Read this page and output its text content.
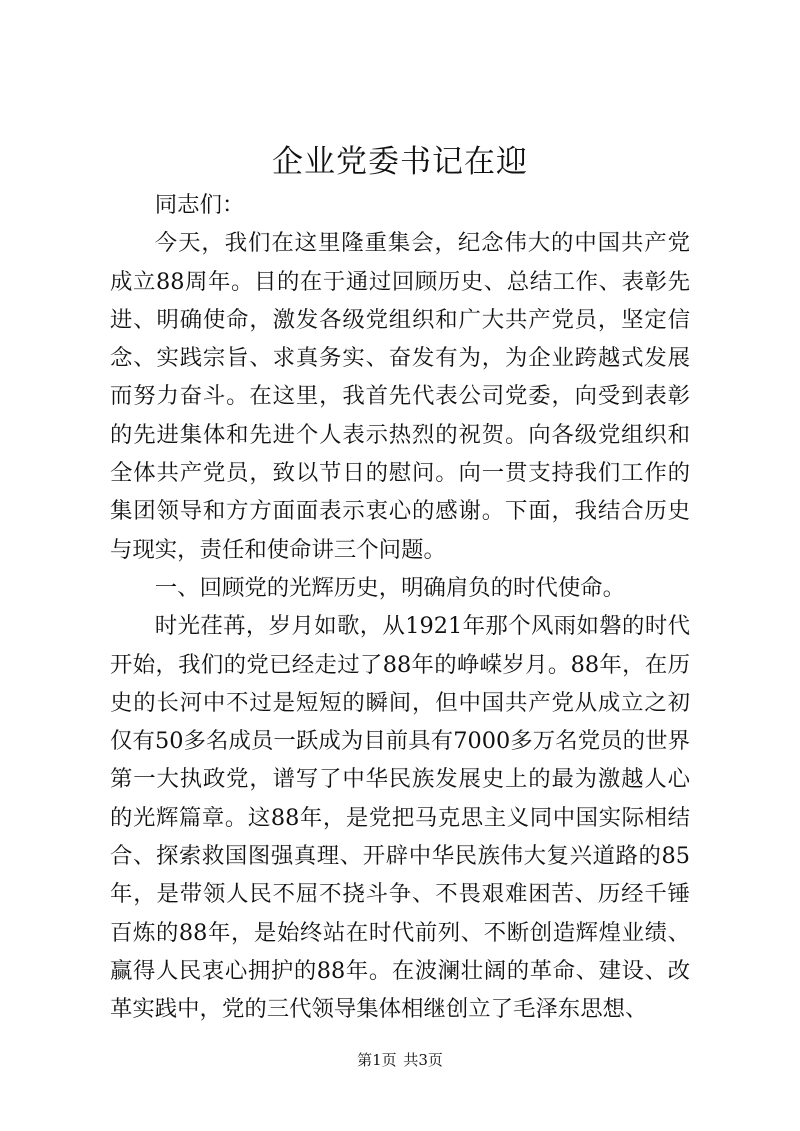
企业党委书记在迎

同志们：

今天，我们在这里隆重集会，纪念伟大的中国共产党成立88周年。目的在于通过回顾历史、总结工作、表彰先进、明确使命，激发各级党组织和广大共产党员，坚定信念、实践宗旨、求真务实、奋发有为，为企业跨越式发展而努力奋斗。在这里，我首先代表公司党委，向受到表彰的先进集体和先进个人表示热烈的祝贺。向各级党组织和全体共产党员，致以节日的慰问。向一贯支持我们工作的集团领导和方方面面表示衷心的感谢。下面，我结合历史与现实，责任和使命讲三个问题。

一、回顾党的光辉历史，明确肩负的时代使命。

时光荏苒，岁月如歌，从1921年那个风雨如磐的时代开始，我们的党已经走过了88年的峥嵘岁月。88年，在历史的长河中不过是短短的瞬间，但中国共产党从成立之初仅有50多名成员一跃成为目前具有7000多万名党员的世界第一大执政党，谱写了中华民族发展史上的最为激越人心的光辉篇章。这88年，是党把马克思主义同中国实际相结合、探索救国图强真理、开辟中华民族伟大复兴道路的85年，是带领人民不屈不挠斗争、不畏艰难困苦、历经千锤百炼的88年，是始终站在时代前列、不断创造辉煌业绩、赢得人民衷心拥护的88年。在波澜壮阔的革命、建设、改革实践中，党的三代领导集体相继创立了毛泽东思想、

第1页 共3页
